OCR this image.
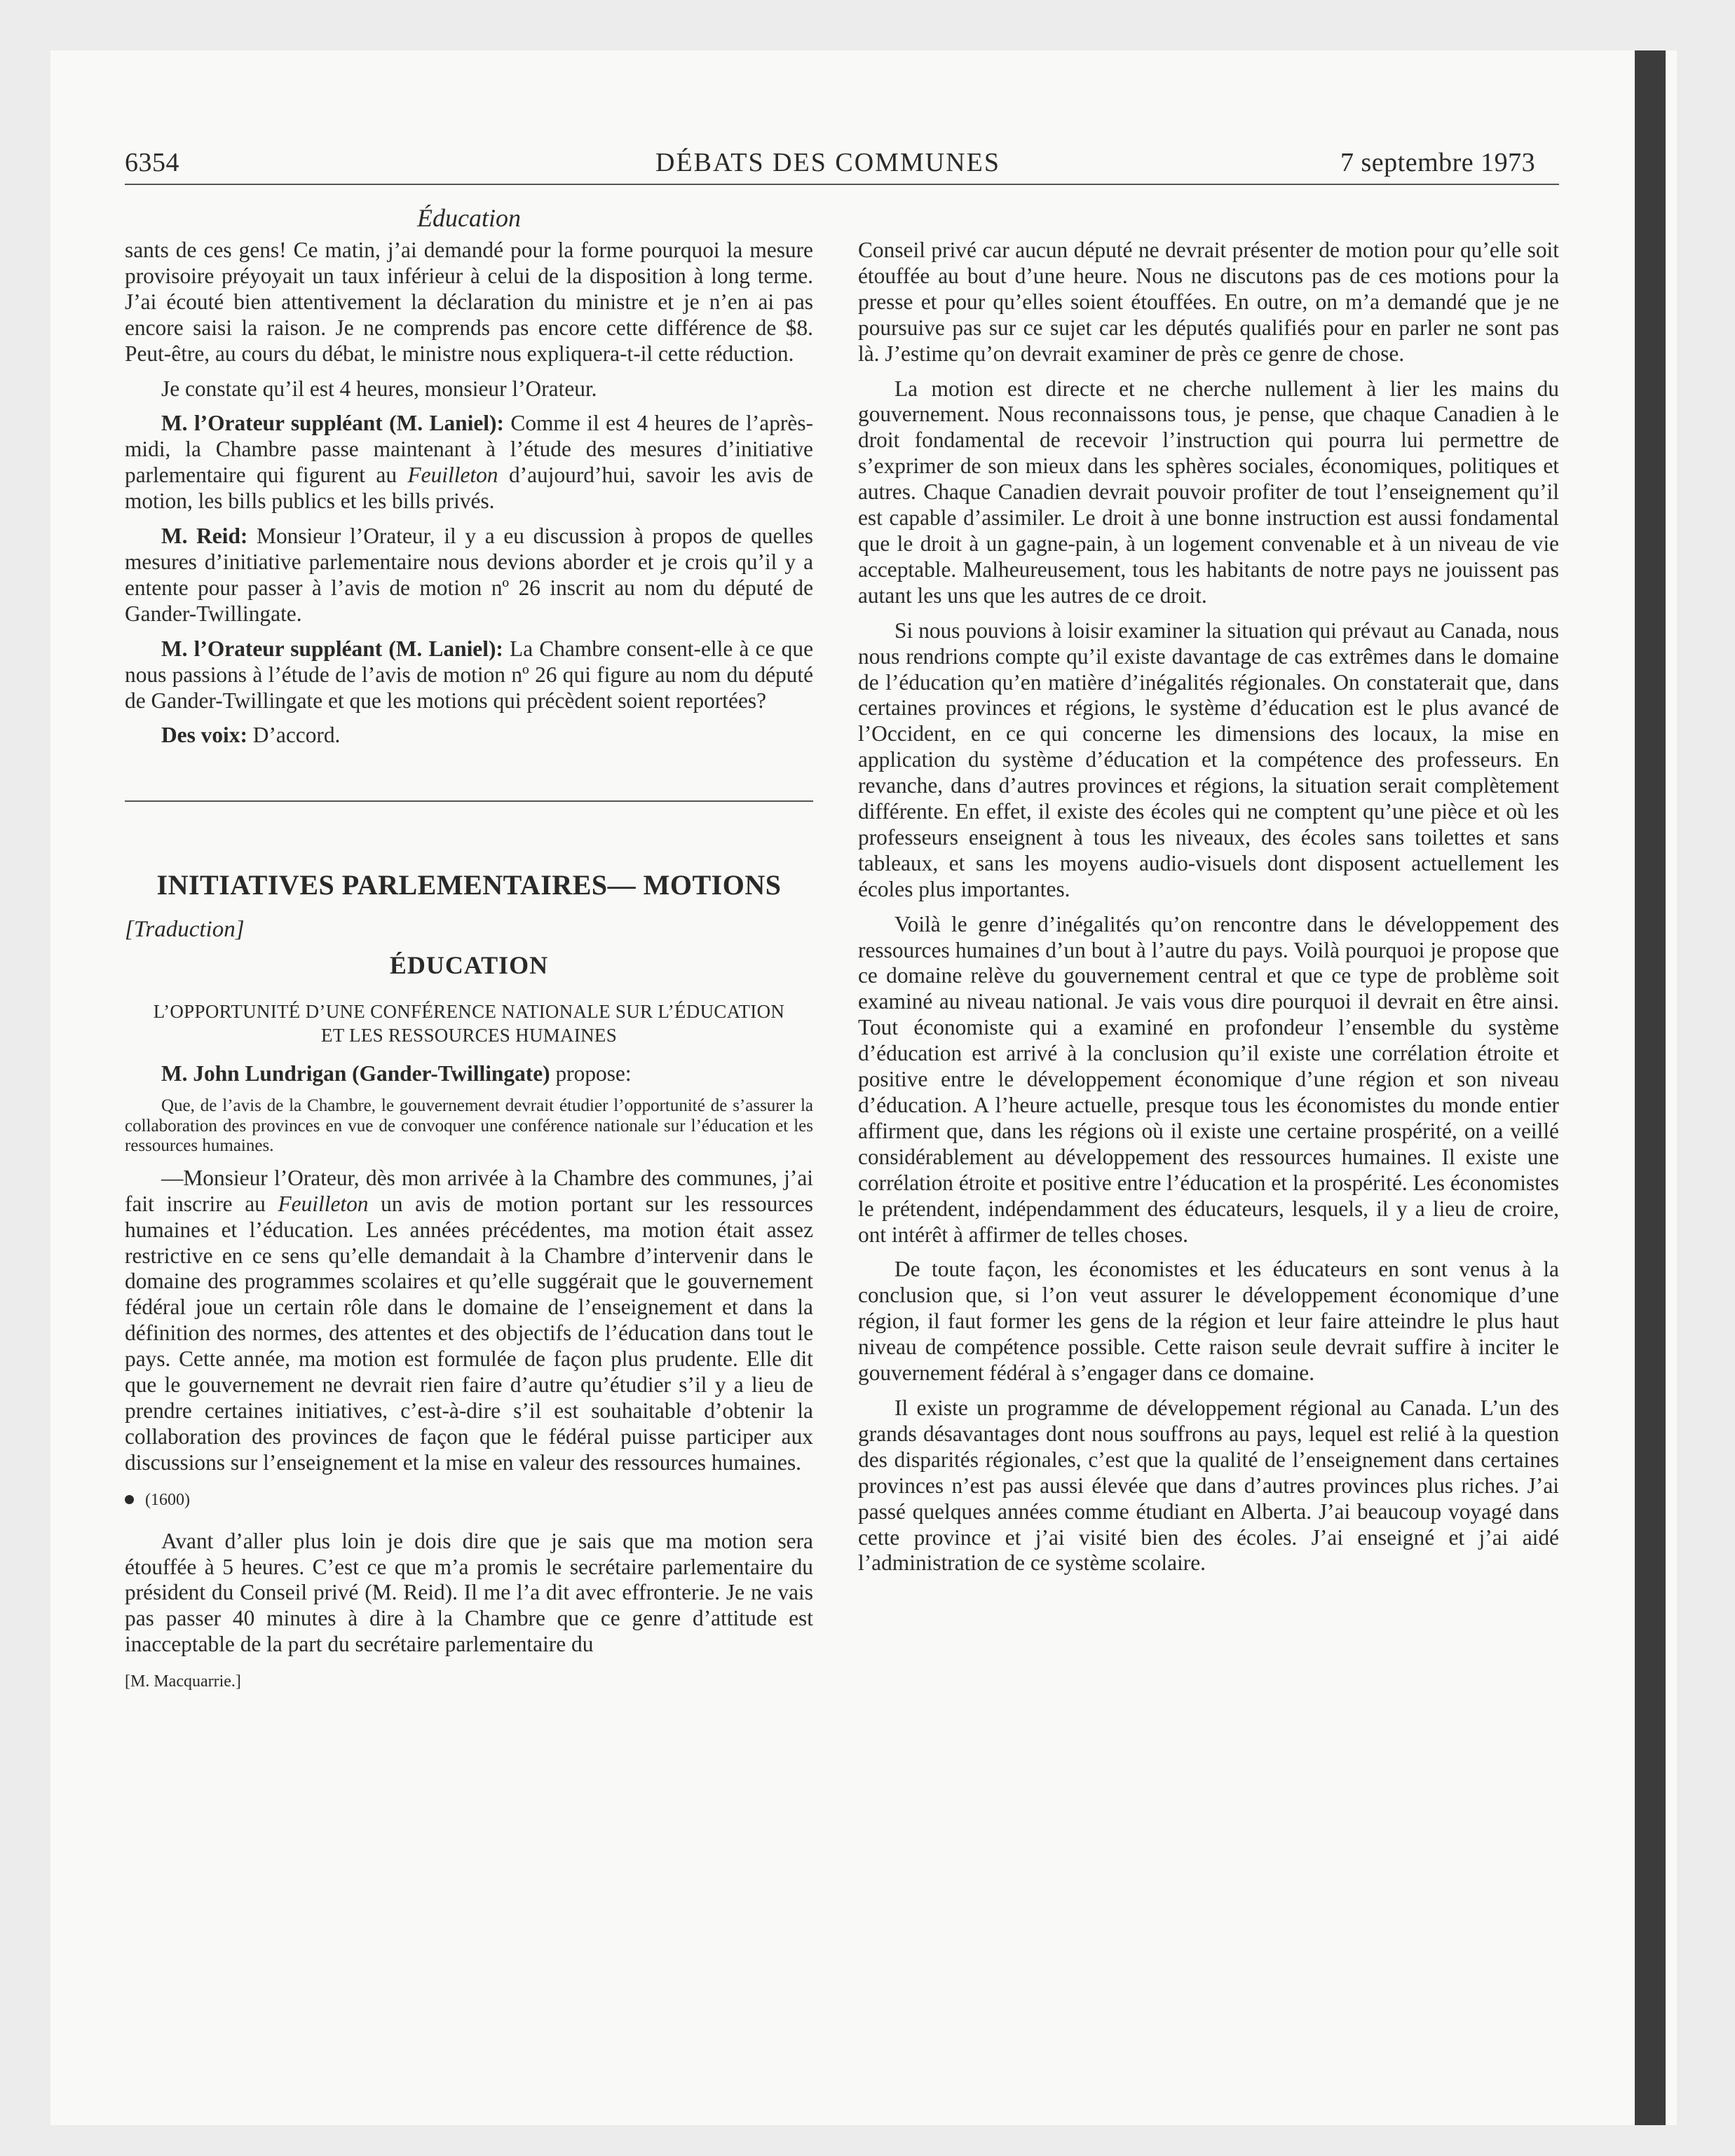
6354	DÉBATS DES COMMUNES	7 septembre 1973
Éducation

sants de ces gens! Ce matin, j’ai demandé pour la forme pourquoi la mesure provisoire préyoyait un taux inférieur à celui de la disposition à long terme. J’ai écouté bien attentivement la déclaration du ministre et je n’en ai pas encore saisi la raison. Je ne comprends pas encore cette différence de $8. Peut-être, au cours du débat, le ministre nous expliquera-t-il cette réduction.

Je constate qu’il est 4 heures, monsieur l’Orateur.

M. l’Orateur suppléant (M. Laniel): Comme il est 4 heures de l’après-midi, la Chambre passe maintenant à l’étude des mesures d’initiative parlementaire qui figurent au Feuilleton d’aujourd’hui, savoir les avis de motion, les bills publics et les bills privés.

M. Reid: Monsieur l’Orateur, il y a eu discussion à propos de quelles mesures d’initiative parlementaire nous devions aborder et je crois qu’il y a entente pour passer à l’avis de motion nº 26 inscrit au nom du député de Gander-Twillingate.

M. l’Orateur suppléant (M. Laniel): La Chambre consent-elle à ce que nous passions à l’étude de l’avis de motion nº 26 qui figure au nom du député de Gander-Twillingate et que les motions qui précèdent soient reportées?

Des voix: D’accord.

INITIATIVES PARLEMENTAIRES— MOTIONS
[Traduction]
ÉDUCATION
L’OPPORTUNITÉ D’UNE CONFÉRENCE NATIONALE SUR L’ÉDUCATION ET LES RESSOURCES HUMAINES

M. John Lundrigan (Gander-Twillingate) propose:

Que, de l’avis de la Chambre, le gouvernement devrait étudier l’opportunité de s’assurer la collaboration des provinces en vue de convoquer une conférence nationale sur l’éducation et les ressources humaines.

—Monsieur l’Orateur, dès mon arrivée à la Chambre des communes, j’ai fait inscrire au Feuilleton un avis de motion portant sur les ressources humaines et l’éducation. Les années précédentes, ma motion était assez restrictive en ce sens qu’elle demandait à la Chambre d’intervenir dans le domaine des programmes scolaires et qu’elle suggérait que le gouvernement fédéral joue un certain rôle dans le domaine de l’enseignement et dans la définition des normes, des attentes et des objectifs de l’éducation dans tout le pays. Cette année, ma motion est formulée de façon plus prudente. Elle dit que le gouvernement ne devrait rien faire d’autre qu’étudier s’il y a lieu de prendre certaines initiatives, c’est-à-dire s’il est souhaitable d’obtenir la collaboration des provinces de façon que le fédéral puisse participer aux discussions sur l’enseignement et la mise en valeur des ressources humaines.

(1600)

Avant d’aller plus loin je dois dire que je sais que ma motion sera étouffée à 5 heures. C’est ce que m’a promis le secrétaire parlementaire du président du Conseil privé (M. Reid). Il me l’a dit avec effronterie. Je ne vais pas passer 40 minutes à dire à la Chambre que ce genre d’attitude est inacceptable de la part du secrétaire parlementaire du

[M. Macquarrie.]

Conseil privé car aucun député ne devrait présenter de motion pour qu’elle soit étouffée au bout d’une heure. Nous ne discutons pas de ces motions pour la presse et pour qu’elles soient étouffées. En outre, on m’a demandé que je ne poursuive pas sur ce sujet car les députés qualifiés pour en parler ne sont pas là. J’estime qu’on devrait examiner de près ce genre de chose.

La motion est directe et ne cherche nullement à lier les mains du gouvernement. Nous reconnaissons tous, je pense, que chaque Canadien à le droit fondamental de recevoir l’instruction qui pourra lui permettre de s’exprimer de son mieux dans les sphères sociales, économiques, politiques et autres. Chaque Canadien devrait pouvoir profiter de tout l’enseignement qu’il est capable d’assimiler. Le droit à une bonne instruction est aussi fondamental que le droit à un gagne-pain, à un logement convenable et à un niveau de vie acceptable. Malheureusement, tous les habitants de notre pays ne jouissent pas autant les uns que les autres de ce droit.

Si nous pouvions à loisir examiner la situation qui prévaut au Canada, nous nous rendrions compte qu’il existe davantage de cas extrêmes dans le domaine de l’éducation qu’en matière d’inégalités régionales. On constaterait que, dans certaines provinces et régions, le système d’éducation est le plus avancé de l’Occident, en ce qui concerne les dimensions des locaux, la mise en application du système d’éducation et la compétence des professeurs. En revanche, dans d’autres provinces et régions, la situation serait complètement différente. En effet, il existe des écoles qui ne comptent qu’une pièce et où les professeurs enseignent à tous les niveaux, des écoles sans toilettes et sans tableaux, et sans les moyens audio-visuels dont disposent actuellement les écoles plus importantes.

Voilà le genre d’inégalités qu’on rencontre dans le développement des ressources humaines d’un bout à l’autre du pays. Voilà pourquoi je propose que ce domaine relève du gouvernement central et que ce type de problème soit examiné au niveau national. Je vais vous dire pourquoi il devrait en être ainsi. Tout économiste qui a examiné en profondeur l’ensemble du système d’éducation est arrivé à la conclusion qu’il existe une corrélation étroite et positive entre le développement économique d’une région et son niveau d’éducation. A l’heure actuelle, presque tous les économistes du monde entier affirment que, dans les régions où il existe une certaine prospérité, on a veillé considérablement au développement des ressources humaines. Il existe une corrélation étroite et positive entre l’éducation et la prospérité. Les économistes le prétendent, indépendamment des éducateurs, lesquels, il y a lieu de croire, ont intérêt à affirmer de telles choses.

De toute façon, les économistes et les éducateurs en sont venus à la conclusion que, si l’on veut assurer le développement économique d’une région, il faut former les gens de la région et leur faire atteindre le plus haut niveau de compétence possible. Cette raison seule devrait suffire à inciter le gouvernement fédéral à s’engager dans ce domaine.

Il existe un programme de développement régional au Canada. L’un des grands désavantages dont nous souffrons au pays, lequel est relié à la question des disparités régionales, c’est que la qualité de l’enseignement dans certaines provinces n’est pas aussi élevée que dans d’autres provinces plus riches. J’ai passé quelques années comme étudiant en Alberta. J’ai beaucoup voyagé dans cette province et j’ai visité bien des écoles. J’ai enseigné et j’ai aidé l’administration de ce système scolaire.
